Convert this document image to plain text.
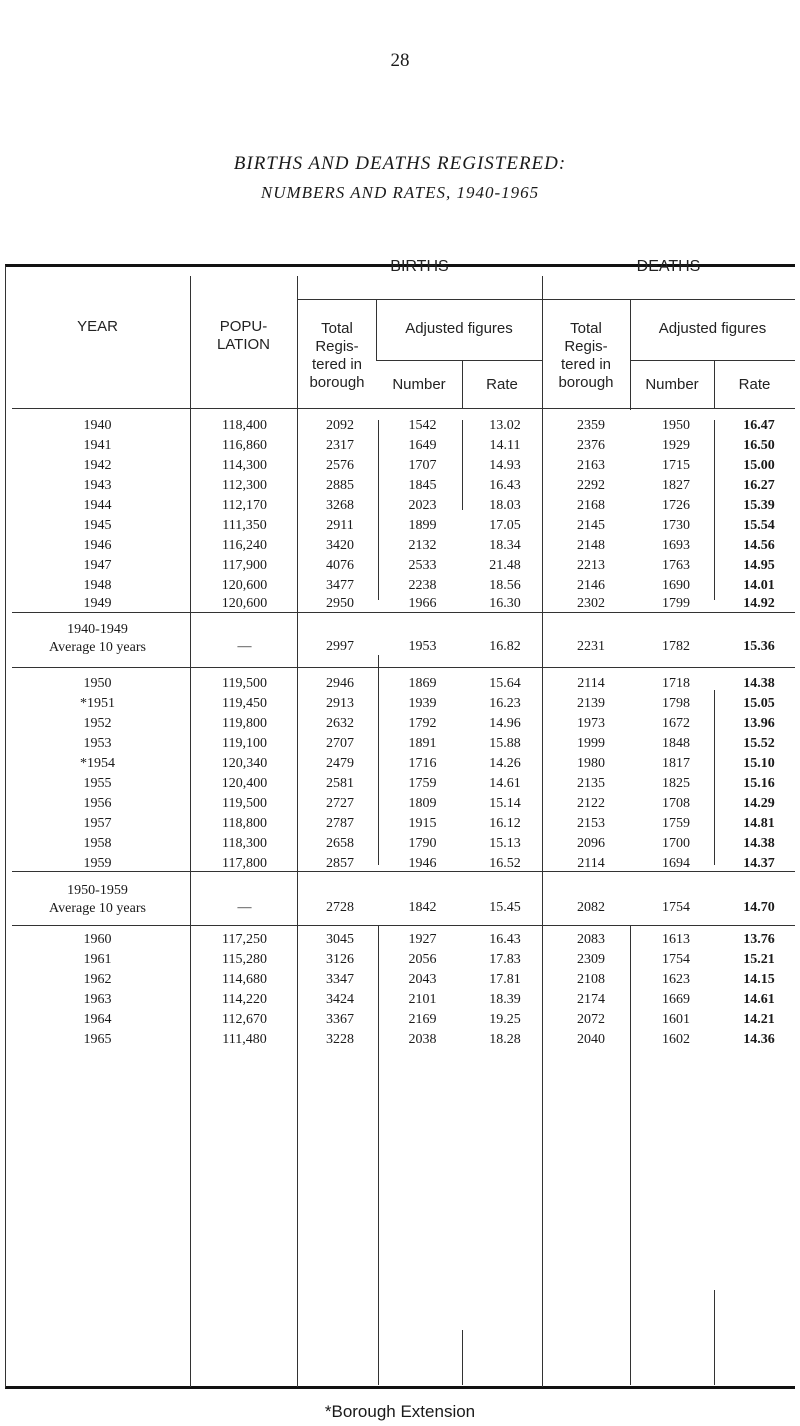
28
BIRTHS AND DEATHS REGISTERED:
NUMBERS AND RATES, 1940-1965
YEAR	POPU-
LATION
BIRTHS	DEATHS
Total
Regis-
tered in
borough
Adjusted figures
Number	Rate
Total
Regis-
tered in
borough
Adjusted figures
Number	Rate
1940	118,400	2092	1542	13.02	2359	1950	16.47
1941	116,860	2317	1649	14.11	2376	1929	16.50
1942	114,300	2576	1707	14.93	2163	1715	15.00
1943	112,300	2885	1845	16.43	2292	1827	16.27
1944	112,170	3268	2023	18.03	2168	1726	15.39
1945	111,350	2911	1899	17.05	2145	1730	15.54
1946	116,240	3420	2132	18.34	2148	1693	14.56
1947	117,900	4076	2533	21.48	2213	1763	14.95
1948	120,600	3477	2238	18.56	2146	1690	14.01
1949	120,600	2950	1966	16.30	2302	1799	14.92
1940-1949
Average 10 years	—	2997	1953	16.82	2231	1782	15.36
1950	119,500	2946	1869	15.64	2114	1718	14.38
*1951	119,450	2913	1939	16.23	2139	1798	15.05
1952	119,800	2632	1792	14.96	1973	1672	13.96
1953	119,100	2707	1891	15.88	1999	1848	15.52
*1954	120,340	2479	1716	14.26	1980	1817	15.10
1955	120,400	2581	1759	14.61	2135	1825	15.16
1956	119,500	2727	1809	15.14	2122	1708	14.29
1957	118,800	2787	1915	16.12	2153	1759	14.81
1958	118,300	2658	1790	15.13	2096	1700	14.38
1959	117,800	2857	1946	16.52	2114	1694	14.37
1950-1959
Average 10 years	—	2728	1842	15.45	2082	1754	14.70
1960	117,250	3045	1927	16.43	2083	1613	13.76
1961	115,280	3126	2056	17.83	2309	1754	15.21
1962	114,680	3347	2043	17.81	2108	1623	14.15
1963	114,220	3424	2101	18.39	2174	1669	14.61
1964	112,670	3367	2169	19.25	2072	1601	14.21
1965	111,480	3228	2038	18.28	2040	1602	14.36
*Borough Extension
